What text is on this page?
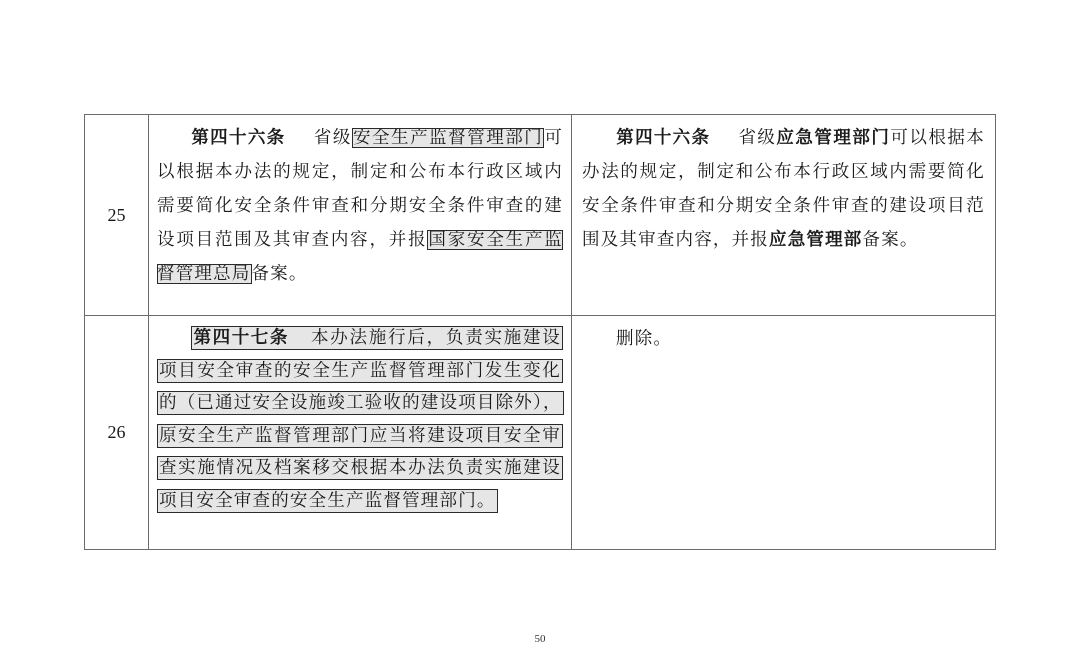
25	第四十六条 省级安全生产监督管理部门可以根据本办法的规定，制定和公布本行政区域内需要简化安全条件审查和分期安全条件审查的建设项目范围及其审查内容，并报国家安全生产监督管理总局备案。	第四十六条 省级应急管理部门可以根据本办法的规定，制定和公布本行政区域内需要简化安全条件审查和分期安全条件审查的建设项目范围及其审查内容，并报应急管理部备案。

26	第四十七条 本办法施行后，负责实施建设项目安全审查的安全生产监督管理部门发生变化的（已通过安全设施竣工验收的建设项目除外），原安全生产监督管理部门应当将建设项目安全审查实施情况及档案移交根据本办法负责实施建设项目安全审查的安全生产监督管理部门。	删除。
50
